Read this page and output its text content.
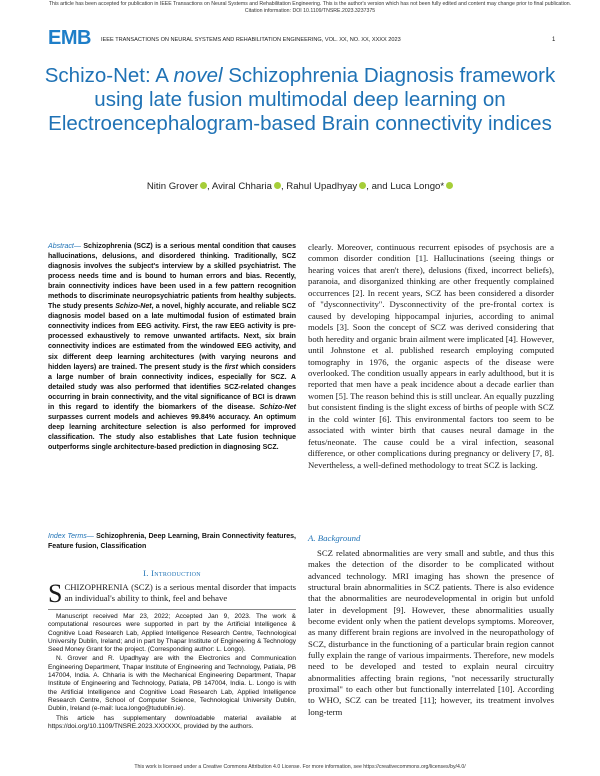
This article has been accepted for publication in IEEE Transactions on Neural Systems and Rehabilitation Engineering. This is the author's version which has not been fully edited and content may change prior to final publication. Citation information: DOI 10.1109/TNSRE.2023.3237375
EMB IEEE TRANSACTIONS ON NEURAL SYSTEMS AND REHABILITATION ENGINEERING, VOL. XX, NO. XX, XXXX 2023	1
Schizo-Net: A novel Schizophrenia Diagnosis framework using late fusion multimodal deep learning on Electroencephalogram-based Brain connectivity indices
Nitin Grover , Aviral Chharia , Rahul Upadhyay , and Luca Longo*
Abstract— Schizophrenia (SCZ) is a serious mental condition that causes hallucinations, delusions, and disordered thinking. Traditionally, SCZ diagnosis involves the subject's interview by a skilled psychiatrist. The process needs time and is bound to human errors and bias. Recently, brain connectivity indices have been used in a few pattern recognition methods to discriminate neuropsychiatric patients from healthy subjects. The study presents Schizo-Net, a novel, highly accurate, and reliable SCZ diagnosis model based on a late multimodal fusion of estimated brain connectivity indices from EEG activity. First, the raw EEG activity is pre-processed exhaustively to remove unwanted artifacts. Next, six brain connectivity indices are estimated from the windowed EEG activity, and six different deep learning architectures (with varying neurons and hidden layers) are trained. The present study is the first which considers a large number of brain connectivity indices, especially for SCZ. A detailed study was also performed that identifies SCZ-related changes occurring in brain connectivity, and the vital significance of BCI is drawn in this regard to identify the biomarkers of the disease. Schizo-Net surpasses current models and achieves 99.84% accuracy. An optimum deep learning architecture selection is also performed for improved classification. The study also establishes that Late fusion technique outperforms single architecture-based prediction in diagnosing SCZ.
Index Terms— Schizophrenia, Deep Learning, Brain Connectivity features, Feature fusion, Classification
I. Introduction
SCHIZOPHRENIA (SCZ) is a serious mental disorder that impacts an individual's ability to think, feel and behave

Manuscript received Mar 23, 2022; Accepted Jan 9, 2023. The work & computational resources were supported in part by the Artificial Intelligence & Cognitive Load Research Lab, Applied Intelligence Research Centre, Technological University Dublin, Ireland; and in part by Thapar Institute of Engineering & Technology Seed Money Grant for the project. (Corresponding author: L. Longo).

N. Grover and R. Upadhyay are with the Electronics and Communication Engineering Department, Thapar Institute of Engineering and Technology, Patiala, PB 147004, India. A. Chharia is with the Mechanical Engineering Department, Thapar Institute of Engineering and Technology, Patiala, PB 147004, India. L. Longo is with the Artificial Intelligence and Cognitive Load Research Lab, Applied Intelligence Research Centre, School of Computer Science, Technological University Dublin, Dublin, Ireland (e-mail: luca.longo@tudublin.ie).

This article has supplementary downloadable material available at https://doi.org/10.1109/TNSRE.2023.XXXXXX, provided by the authors.

clearly. Moreover, continuous recurrent episodes of psychosis are a common disorder condition [1]. Hallucinations (seeing things or hearing voices that aren't there), delusions (fixed, incorrect beliefs), paranoia, and disorganized thinking are other frequently complained occurrences [2]. In recent years, SCZ has been considered a disorder of "dysconnectivity". Dysconnectivity of the pre-frontal cortex is caused by developing hippocampal injuries, according to animal models [3]. Soon the concept of SCZ was derived considering that both heredity and organic brain ailment were implicated [4]. However, until Johnstone et al. published research employing computed tomography in 1976, the organic aspects of the disease were overlooked. The condition usually appears in early adulthood, but it is reported that men have a peak incidence about a decade earlier than women [5]. The reason behind this is still unclear. An equally puzzling but consistent finding is the slight excess of births of people with SCZ in the cold winter [6]. This environmental factors too seem to be associated with winter birth that causes neural damage in the fetus/neonate. The cause could be a viral infection, seasonal difference, or other complications during pregnancy or delivery [7, 8]. Nevertheless, a well-defined methodology to treat SCZ is lacking.

A. Background

SCZ related abnormalities are very small and subtle, and thus this makes the detection of the disorder to be complicated without advanced technology. MRI imaging has shown the presence of structural brain abnormalities in SCZ patients. There is also evidence that the abnormalities are neurodevelopmental in origin but unfold later in development [9]. However, these abnormalities usually become evident only when the patient develops symptoms. Moreover, as many different brain regions are involved in the neuropathology of SCZ, disturbance in the functioning of a particular brain region cannot fully explain the range of various impairments. Therefore, new models need to be developed and tested to explain neural circuitry abnormalities affecting brain regions, "not necessarily structurally proximal" to each other but functionally interrelated [10]. According to WHO, SCZ can be treated [11]; however, its treatment involves long-term

This work is licensed under a Creative Commons Attribution 4.0 License. For more information, see https://creativecommons.org/licenses/by/4.0/
